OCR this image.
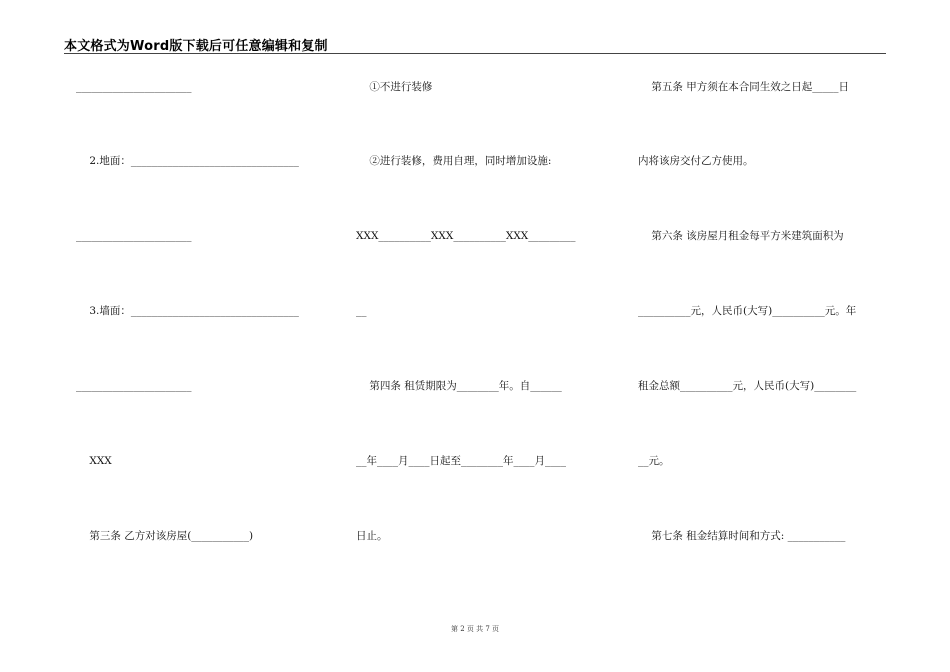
本文格式为Word版下载后可任意编辑和复制
______________________
2.地面：________________________________
______________________
3.墙面：________________________________
______________________
XXX
第三条 乙方对该房屋(___________)
①不进行装修
②进行装修，费用自理，同时增加设施:
XXX__________XXX__________XXX_________
__
第四条 租赁期限为________年。自______
__年____月____日起至________年____月____
日止。
第五条 甲方须在本合同生效之日起_____日
内将该房交付乙方使用。
第六条 该房屋月租金每平方米建筑面积为
__________元，人民币(大写)__________元。年
租金总额__________元，人民币(大写)________
__元。
第七条 租金结算时间和方式: ___________
第 2 页 共 7 页
